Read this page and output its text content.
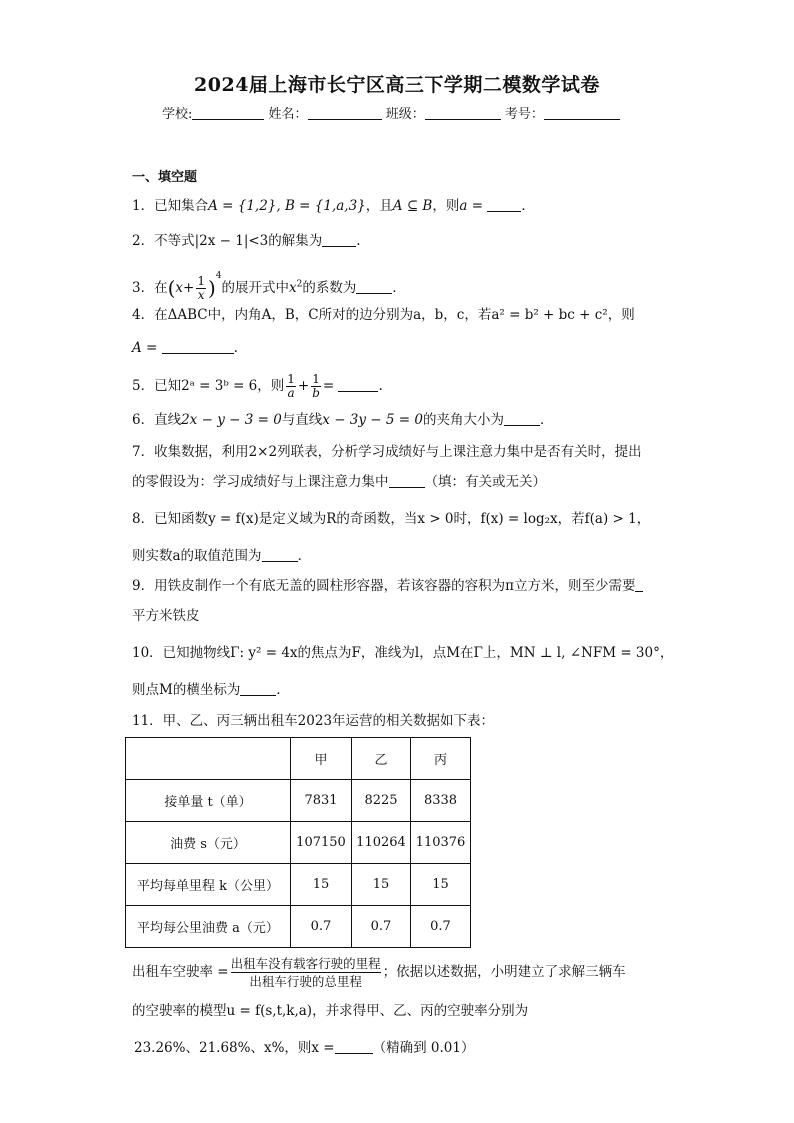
2024届上海市长宁区高三下学期二模数学试卷
学校:	姓名：	班级：	考号：
一、填空题
1．已知集合A = {1,2}, B = {1,a,3}，且A ⊆ B，则a =	．
2．不等式|2x − 1|<3的解集为	.
3．在$(x+ \frac{1}{x} )^4$的展开式中$x^2$的系数为	．
4．在ΔABC中，内角A，B，C所对的边分别为a，b，c，若a² = b² + bc + c²，则
A =	.
5．已知2ᵃ = 3ᵇ = 6，则 $\frac{1}{a} + \frac{1}{b}$ =	.
6．直线2x − y − 3 = 0与直线x − 3y − 5 = 0的夹角大小为	．
7．收集数据，利用2×2列联表，分析学习成绩好与上课注意力集中是否有关时，提出
的零假设为：学习成绩好与上课注意力集中	（填：有关或无关）
8．已知函数y = f(x)是定义域为R的奇函数，当x > 0时，f(x) = log₂x，若f(a) > 1，
则实数a的取值范围为	．
9．用铁皮制作一个有底无盖的圆柱形容器，若该容器的容积为π立方米，则至少需要
平方米铁皮
10．已知抛物线Γ: y² = 4x的焦点为F，准线为l，点M在Γ上，MN ⊥ l, ∠NFM = 30°，
则点M的横坐标为	．
11．甲、乙、丙三辆出租车2023年运营的相关数据如下表：
	甲	乙	丙
接单量 t（单）	7831	8225	8338
油费 s（元）	107150	110264	110376
平均每单里程 k（公里）	15	15	15
平均每公里油费 a（元）	0.7	0.7	0.7
出租车空驶率 =
出租车没有载客行驶的里程
出租车行驶的总里程
；依据以述数据，小明建立了求解三辆车
的空驶率的模型u = f(s,t,k,a)，并求得甲、乙、丙的空驶率分别为
23.26%、21.68%、x%，则x =	（精确到 0.01）
